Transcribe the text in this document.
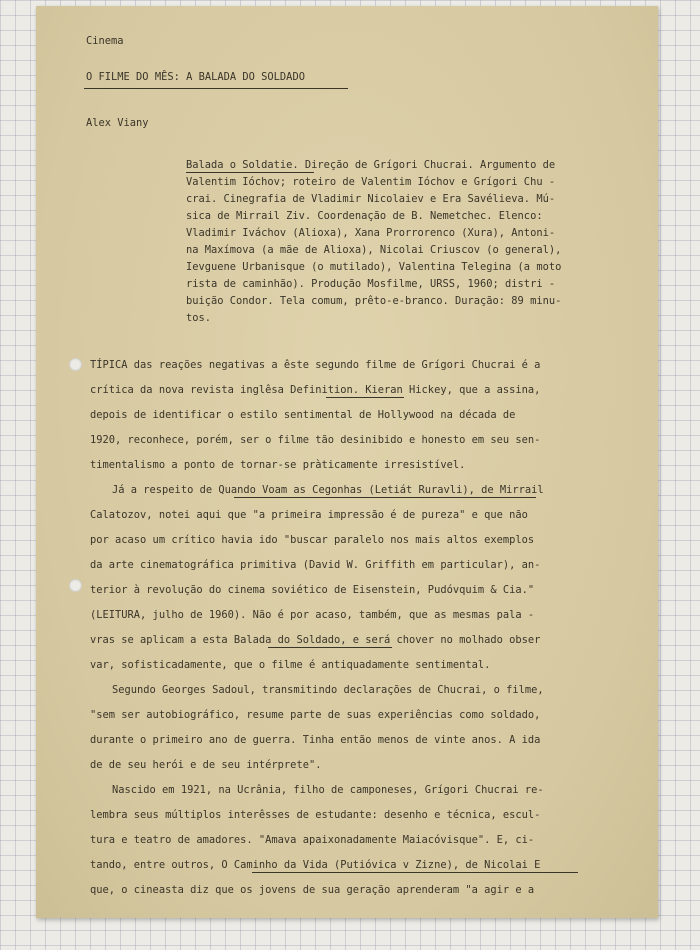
Cinema
O FILME DO MÊS: A BALADA DO SOLDADO
Alex Viany
Balada o Soldatie. Direção de Grígori Chucrai. Argumento de
Valentim Ióchov; roteiro de Valentim Ióchov e Grígori Chu -
crai. Cinegrafia de Vladimir Nicolaiev e Era Savélieva. Mú-
sica de Mirrail Ziv. Coordenação de B. Nemetchec. Elenco:
Vladimir Iváchov (Alioxa), Xana Prorrorenco (Xura), Antoni-
na Maxímova (a mãe de Alioxa), Nicolai Criuscov (o general),
Ievguene Urbanisque (o mutilado), Valentina Telegina (a moto
rista de caminhão). Produção Mosfilme, URSS, 1960; distri -
buição Condor. Tela comum, prêto-e-branco. Duração: 89 minu-
tos.
TÍPICA das reações negativas a êste segundo filme de Grígori Chucrai é a
crítica da nova revista inglêsa Definition. Kieran Hickey, que a assina,
depois de identificar o estilo sentimental de Hollywood na década de
1920, reconhece, porém, ser o filme tão desinibido e honesto em seu sen-
timentalismo a ponto de tornar-se pràticamente irresistível.
Já a respeito de Quando Voam as Cegonhas (Letiát Ruravli), de Mirrail
Calatozov, notei aqui que "a primeira impressão é de pureza" e que não
por acaso um crítico havia ido "buscar paralelo nos mais altos exemplos
da arte cinematográfica primitiva (David W. Griffith em particular), an-
terior à revolução do cinema soviético de Eisenstein, Pudóvquim & Cia."
(LEITURA, julho de 1960). Não é por acaso, também, que as mesmas pala -
vras se aplicam a esta Balada do Soldado, e será chover no molhado obser
var, sofisticadamente, que o filme é antiquadamente sentimental.
Segundo Georges Sadoul, transmitindo declarações de Chucrai, o filme,
"sem ser autobiográfico, resume parte de suas experiências como soldado,
durante o primeiro ano de guerra. Tinha então menos de vinte anos. A ida
de de seu herói e de seu intérprete".
Nascido em 1921, na Ucrânia, filho de camponeses, Grígori Chucrai re-
lembra seus múltiplos interêsses de estudante: desenho e técnica, escul-
tura e teatro de amadores. "Amava apaixonadamente Maiacóvisque". E, ci-
tando, entre outros, O Caminho da Vida (Putióvica v Zizne), de Nicolai E
que, o cineasta diz que os jovens de sua geração aprenderam "a agir e a
